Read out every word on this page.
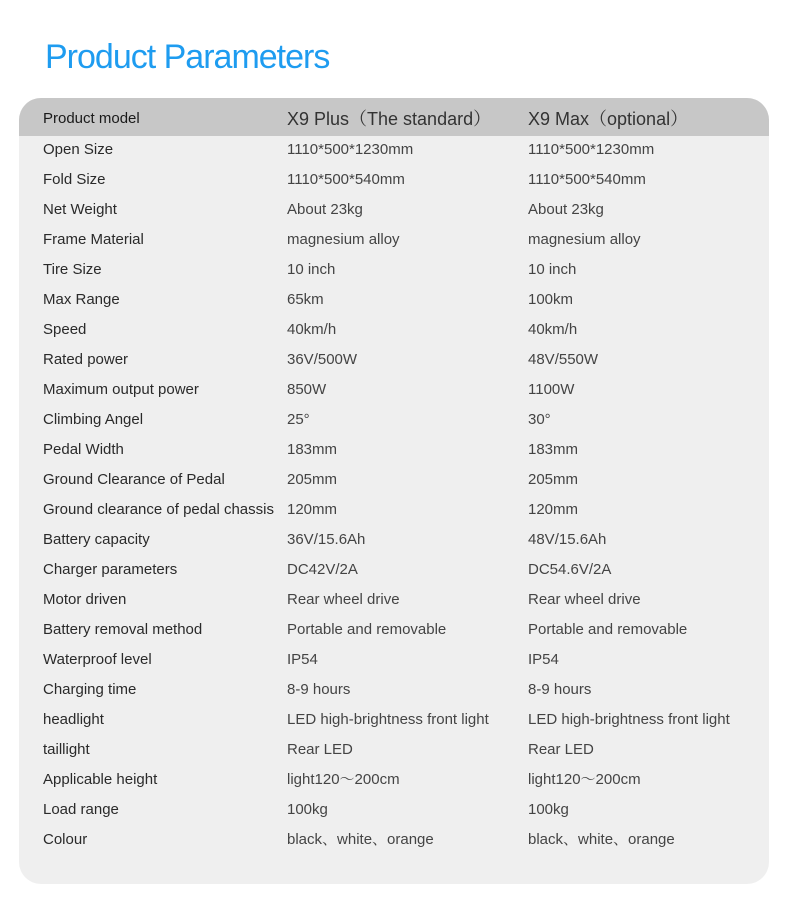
Product Parameters
Product model	X9 Plus（The standard） X9 Max（optional）
Open Size	1110*500*1230mm	1110*500*1230mm
Fold Size	1110*500*540mm	1110*500*540mm
Net Weight	About 23kg	About 23kg
Frame Material	magnesium alloy	magnesium alloy
Tire Size	10 inch	10 inch
Max Range	65km	100km
Speed	40km/h	40km/h
Rated power	36V/500W	48V/550W
Maximum output power	850W	1100W
Climbing Angel	25°	30°
Pedal Width	183mm	183mm
Ground Clearance of Pedal	205mm	205mm
Ground clearance of pedal chassis 120mm	120mm
Battery capacity	36V/15.6Ah	48V/15.6Ah
Charger parameters	DC42V/2A	DC54.6V/2A
Motor driven	Rear wheel drive	Rear wheel drive
Battery removal method	Portable and removable	Portable and removable
Waterproof level	IP54	IP54
Charging time	8-9 hours	8-9 hours
headlight	LED high-brightness front light	LED high-brightness front light
taillight	Rear LED	Rear LED
Applicable height	light120～200cm	light120～200cm
Load range	100kg	100kg
Colour	black、white、orange	black、white、orange
